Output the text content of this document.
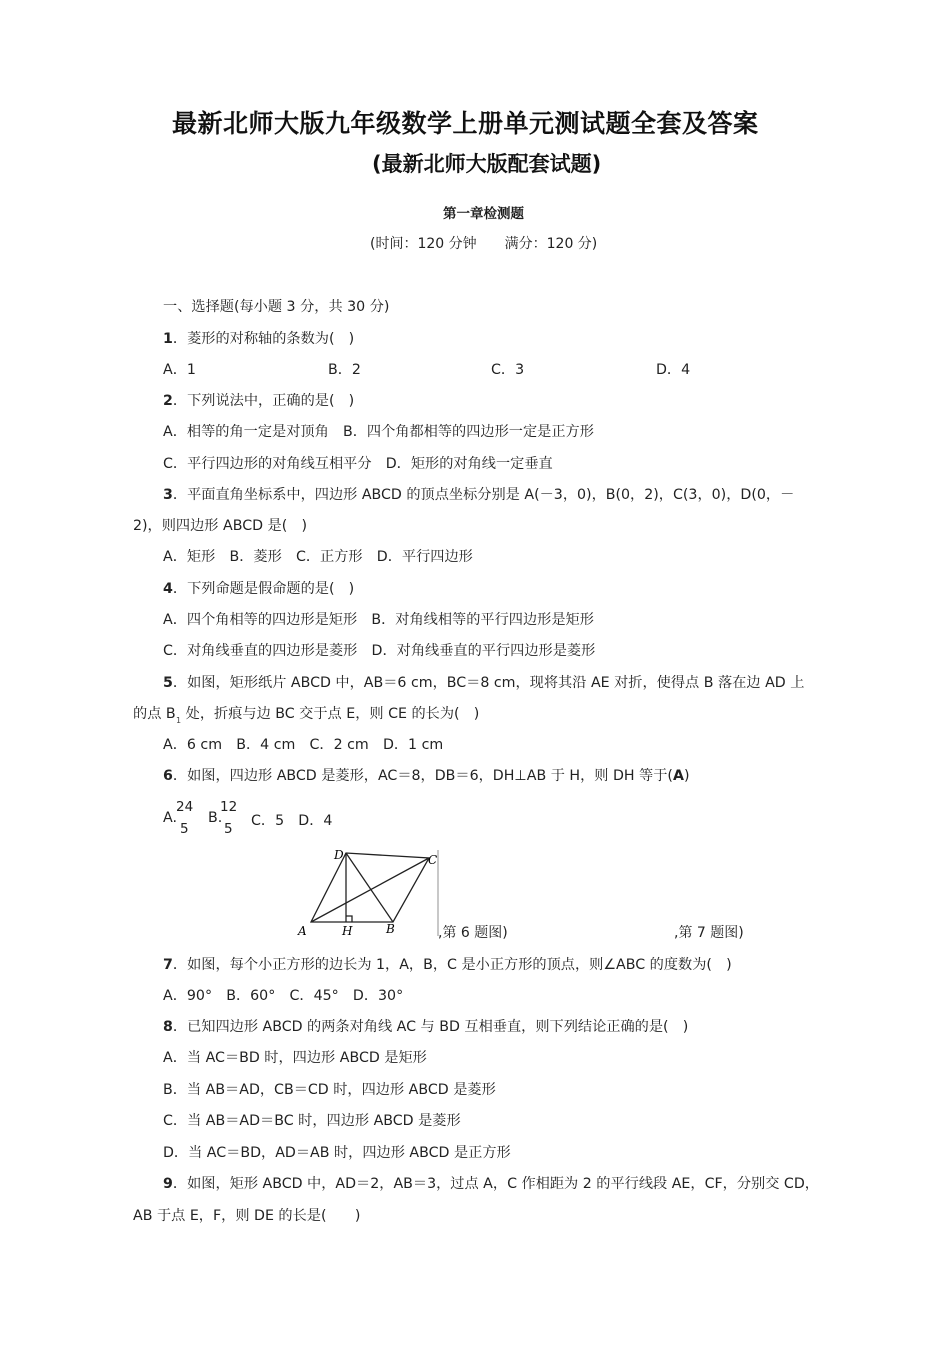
最新北师大版九年级数学上册单元测试题全套及答案
(最新北师大版配套试题)
第一章检测题
(时间：120 分钟　　满分：120 分)
一、选择题(每小题 3 分，共 30 分)
1．菱形的对称轴的条数为(　)
A．1	B．2	C．3	D．4
2．下列说法中，正确的是(　)
A．相等的角一定是对顶角　B．四个角都相等的四边形一定是正方形
C．平行四边形的对角线互相平分　D．矩形的对角线一定垂直
3．平面直角坐标系中，四边形 ABCD 的顶点坐标分别是 A(－3，0)，B(0，2)，C(3，0)，D(0，－
2)，则四边形 ABCD 是(　)
A．矩形　B．菱形　C．正方形　D．平行四边形
4．下列命题是假命题的是(　)
A．四个角相等的四边形是矩形　B．对角线相等的平行四边形是矩形
C．对角线垂直的四边形是菱形　D．对角线垂直的平行四边形是菱形
5．如图，矩形纸片 ABCD 中，AB＝6 cm，BC＝8 cm，现将其沿 AE 对折，使得点 B 落在边 AD 上
的点 B 处，折痕与边 BC 交于点 E，则 CE 的长为(　)
1
A．6 cm　B．4 cm　C．2 cm　D．1 cm
6．如图，四边形 ABCD 是菱形，AC＝8，DB＝6，DH⊥AB 于 H，则 DH 等于(A)
A.
24
5
B.
12
5 C．5　D．4
A	H	B
C
D
,第 6 题图)	,第 7 题图)
7．如图，每个小正方形的边长为 1，A，B，C 是小正方形的顶点，则∠ABC 的度数为(　)
A．90°　B．60°　C．45°　D．30°
8．已知四边形 ABCD 的两条对角线 AC 与 BD 互相垂直，则下列结论正确的是(　)
A．当 AC＝BD 时，四边形 ABCD 是矩形
B．当 AB＝AD，CB＝CD 时，四边形 ABCD 是菱形
C．当 AB＝AD＝BC 时，四边形 ABCD 是菱形
D．当 AC＝BD，AD＝AB 时，四边形 ABCD 是正方形
9．如图，矩形 ABCD 中，AD＝2，AB＝3，过点 A，C 作相距为 2 的平行线段 AE，CF，分别交 CD，
AB 于点 E，F，则 DE 的长是(　　)
